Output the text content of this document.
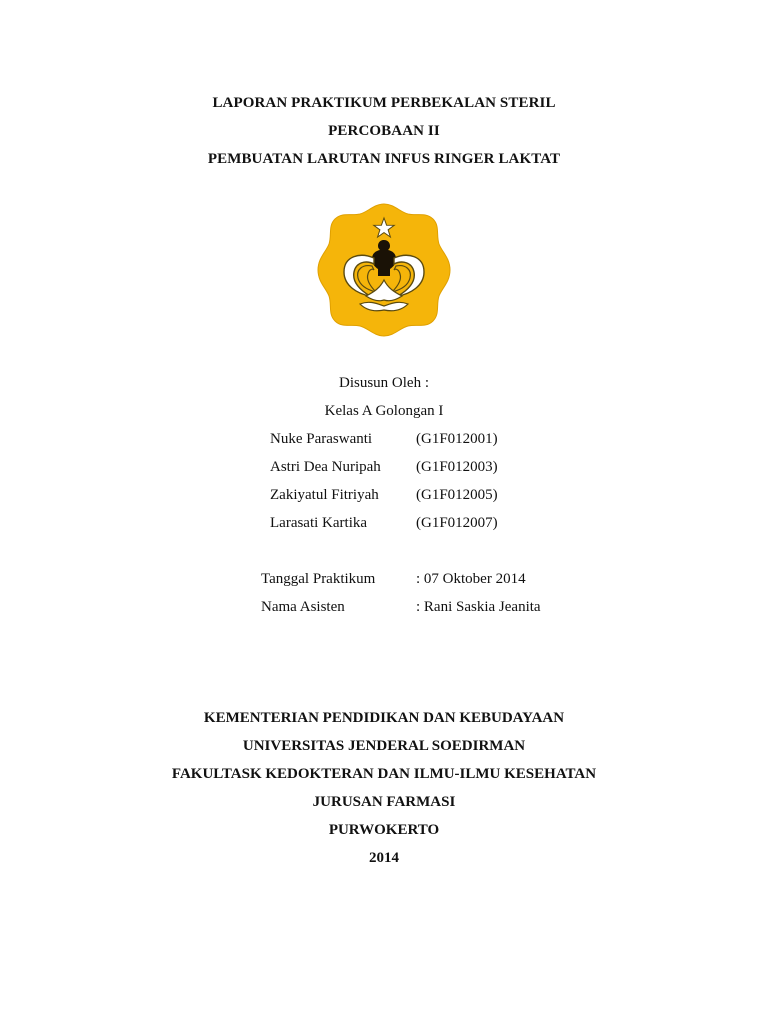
LAPORAN PRAKTIKUM PERBEKALAN STERIL
PERCOBAAN II
PEMBUATAN LARUTAN INFUS RINGER LAKTAT
Disusun Oleh :
Kelas A Golongan I
Nuke Paraswanti	(G1F012001)
Astri Dea Nuripah (G1F012003)
Zakiyatul Fitriyah (G1F012005)
Larasati Kartika	(G1F012007)
Tanggal Praktikum	: 07 Oktober 2014
Nama Asisten	: Rani Saskia Jeanita
KEMENTERIAN PENDIDIKAN DAN KEBUDAYAAN
UNIVERSITAS JENDERAL SOEDIRMAN
FAKULTASK KEDOKTERAN DAN ILMU-ILMU KESEHATAN
JURUSAN FARMASI
PURWOKERTO
2014
